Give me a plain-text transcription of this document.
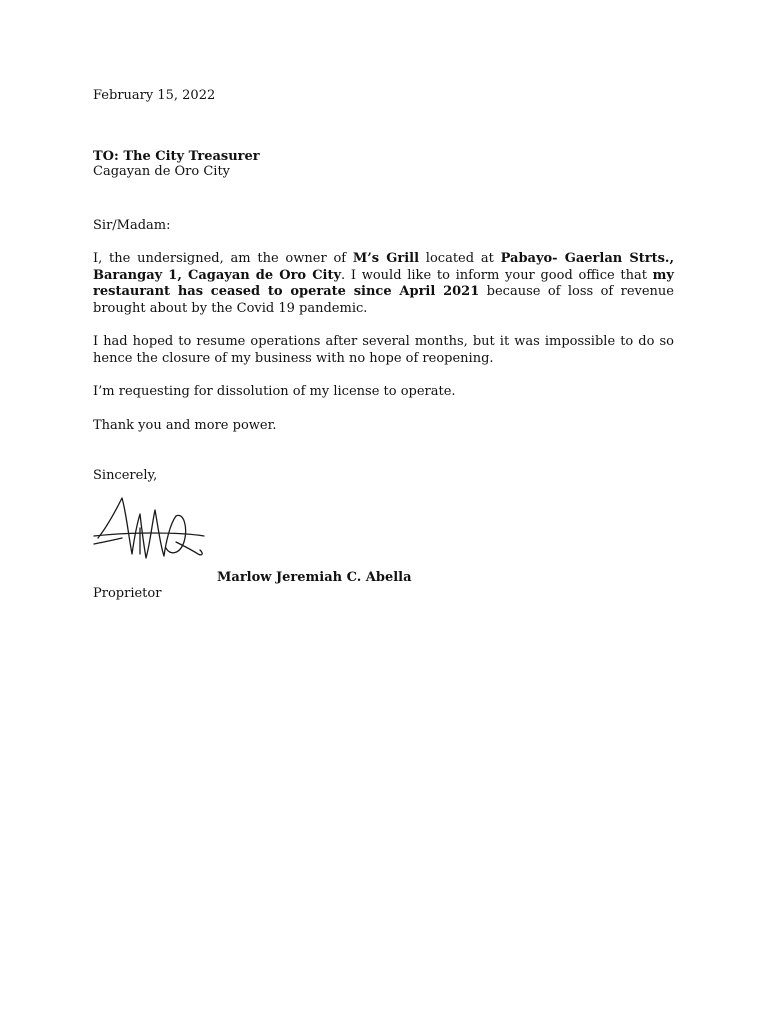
February 15, 2022
TO: The City Treasurer
Cagayan de Oro City
Sir/Madam:
I, the undersigned, am the owner of M’s Grill located at Pabayo- Gaerlan Strts., Barangay 1, Cagayan de Oro City. I would like to inform your good office that my restaurant has ceased to operate since April 2021 because of loss of revenue brought about by the Covid 19 pandemic.
I had hoped to resume operations after several months, but it was impossible to do so hence the closure of my business with no hope of reopening.
I’m requesting for dissolution of my license to operate.
Thank you and more power.
Sincerely,
Marlow Jeremiah C. Abella
Proprietor
